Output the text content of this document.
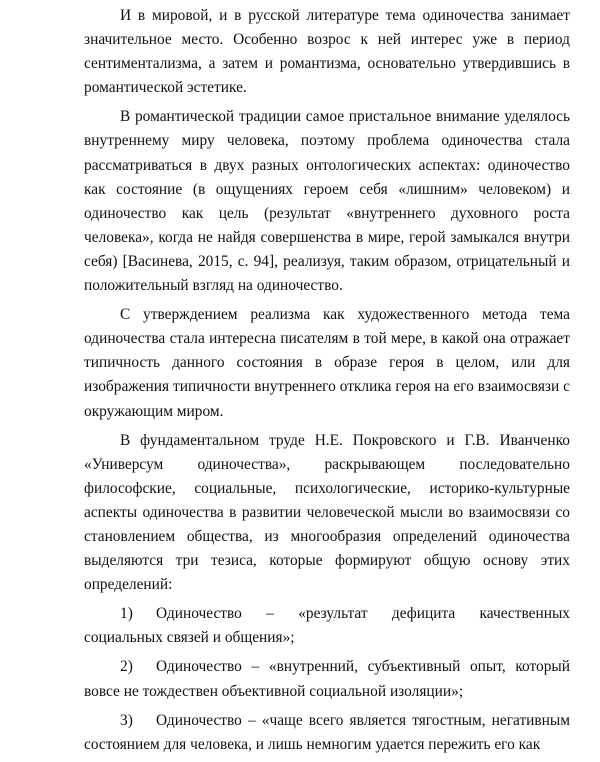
И в мировой, и в русской литературе тема одиночества занимает значительное место. Особенно возрос к ней интерес уже в период сентиментализма, а затем и романтизма, основательно утвердившись в романтической эстетике.

В романтической традиции самое пристальное внимание уделялось внутреннему миру человека, поэтому проблема одиночества стала рассматриваться в двух разных онтологических аспектах: одиночество как состояние (в ощущениях героем себя «лишним» человеком) и одиночество как цель (результат «внутреннего духовного роста человека», когда не найдя совершенства в мире, герой замыкался внутри себя) [Васинева, 2015, с. 94], реализуя, таким образом, отрицательный и положительный взгляд на одиночество.

С утверждением реализма как художественного метода тема одиночества стала интересна писателям в той мере, в какой она отражает типичность данного состояния в образе героя в целом, или для изображения типичности внутреннего отклика героя на его взаимосвязи с окружающим миром.

В фундаментальном труде Н.Е. Покровского и Г.В. Иванченко «Универсум одиночества», раскрывающем последовательно философские, социальные, психологические, историко-культурные аспекты одиночества в развитии человеческой мысли во взаимосвязи со становлением общества, из многообразия определений одиночества выделяются три тезиса, которые формируют общую основу этих определений:

1) Одиночество – «результат дефицита качественных социальных связей и общения»;

2) Одиночество – «внутренний, субъективный опыт, который вовсе не тождествен объективной социальной изоляции»;

3) Одиночество – «чаще всего является тягостным, негативным состоянием для человека, и лишь немногим удается пережить его как
